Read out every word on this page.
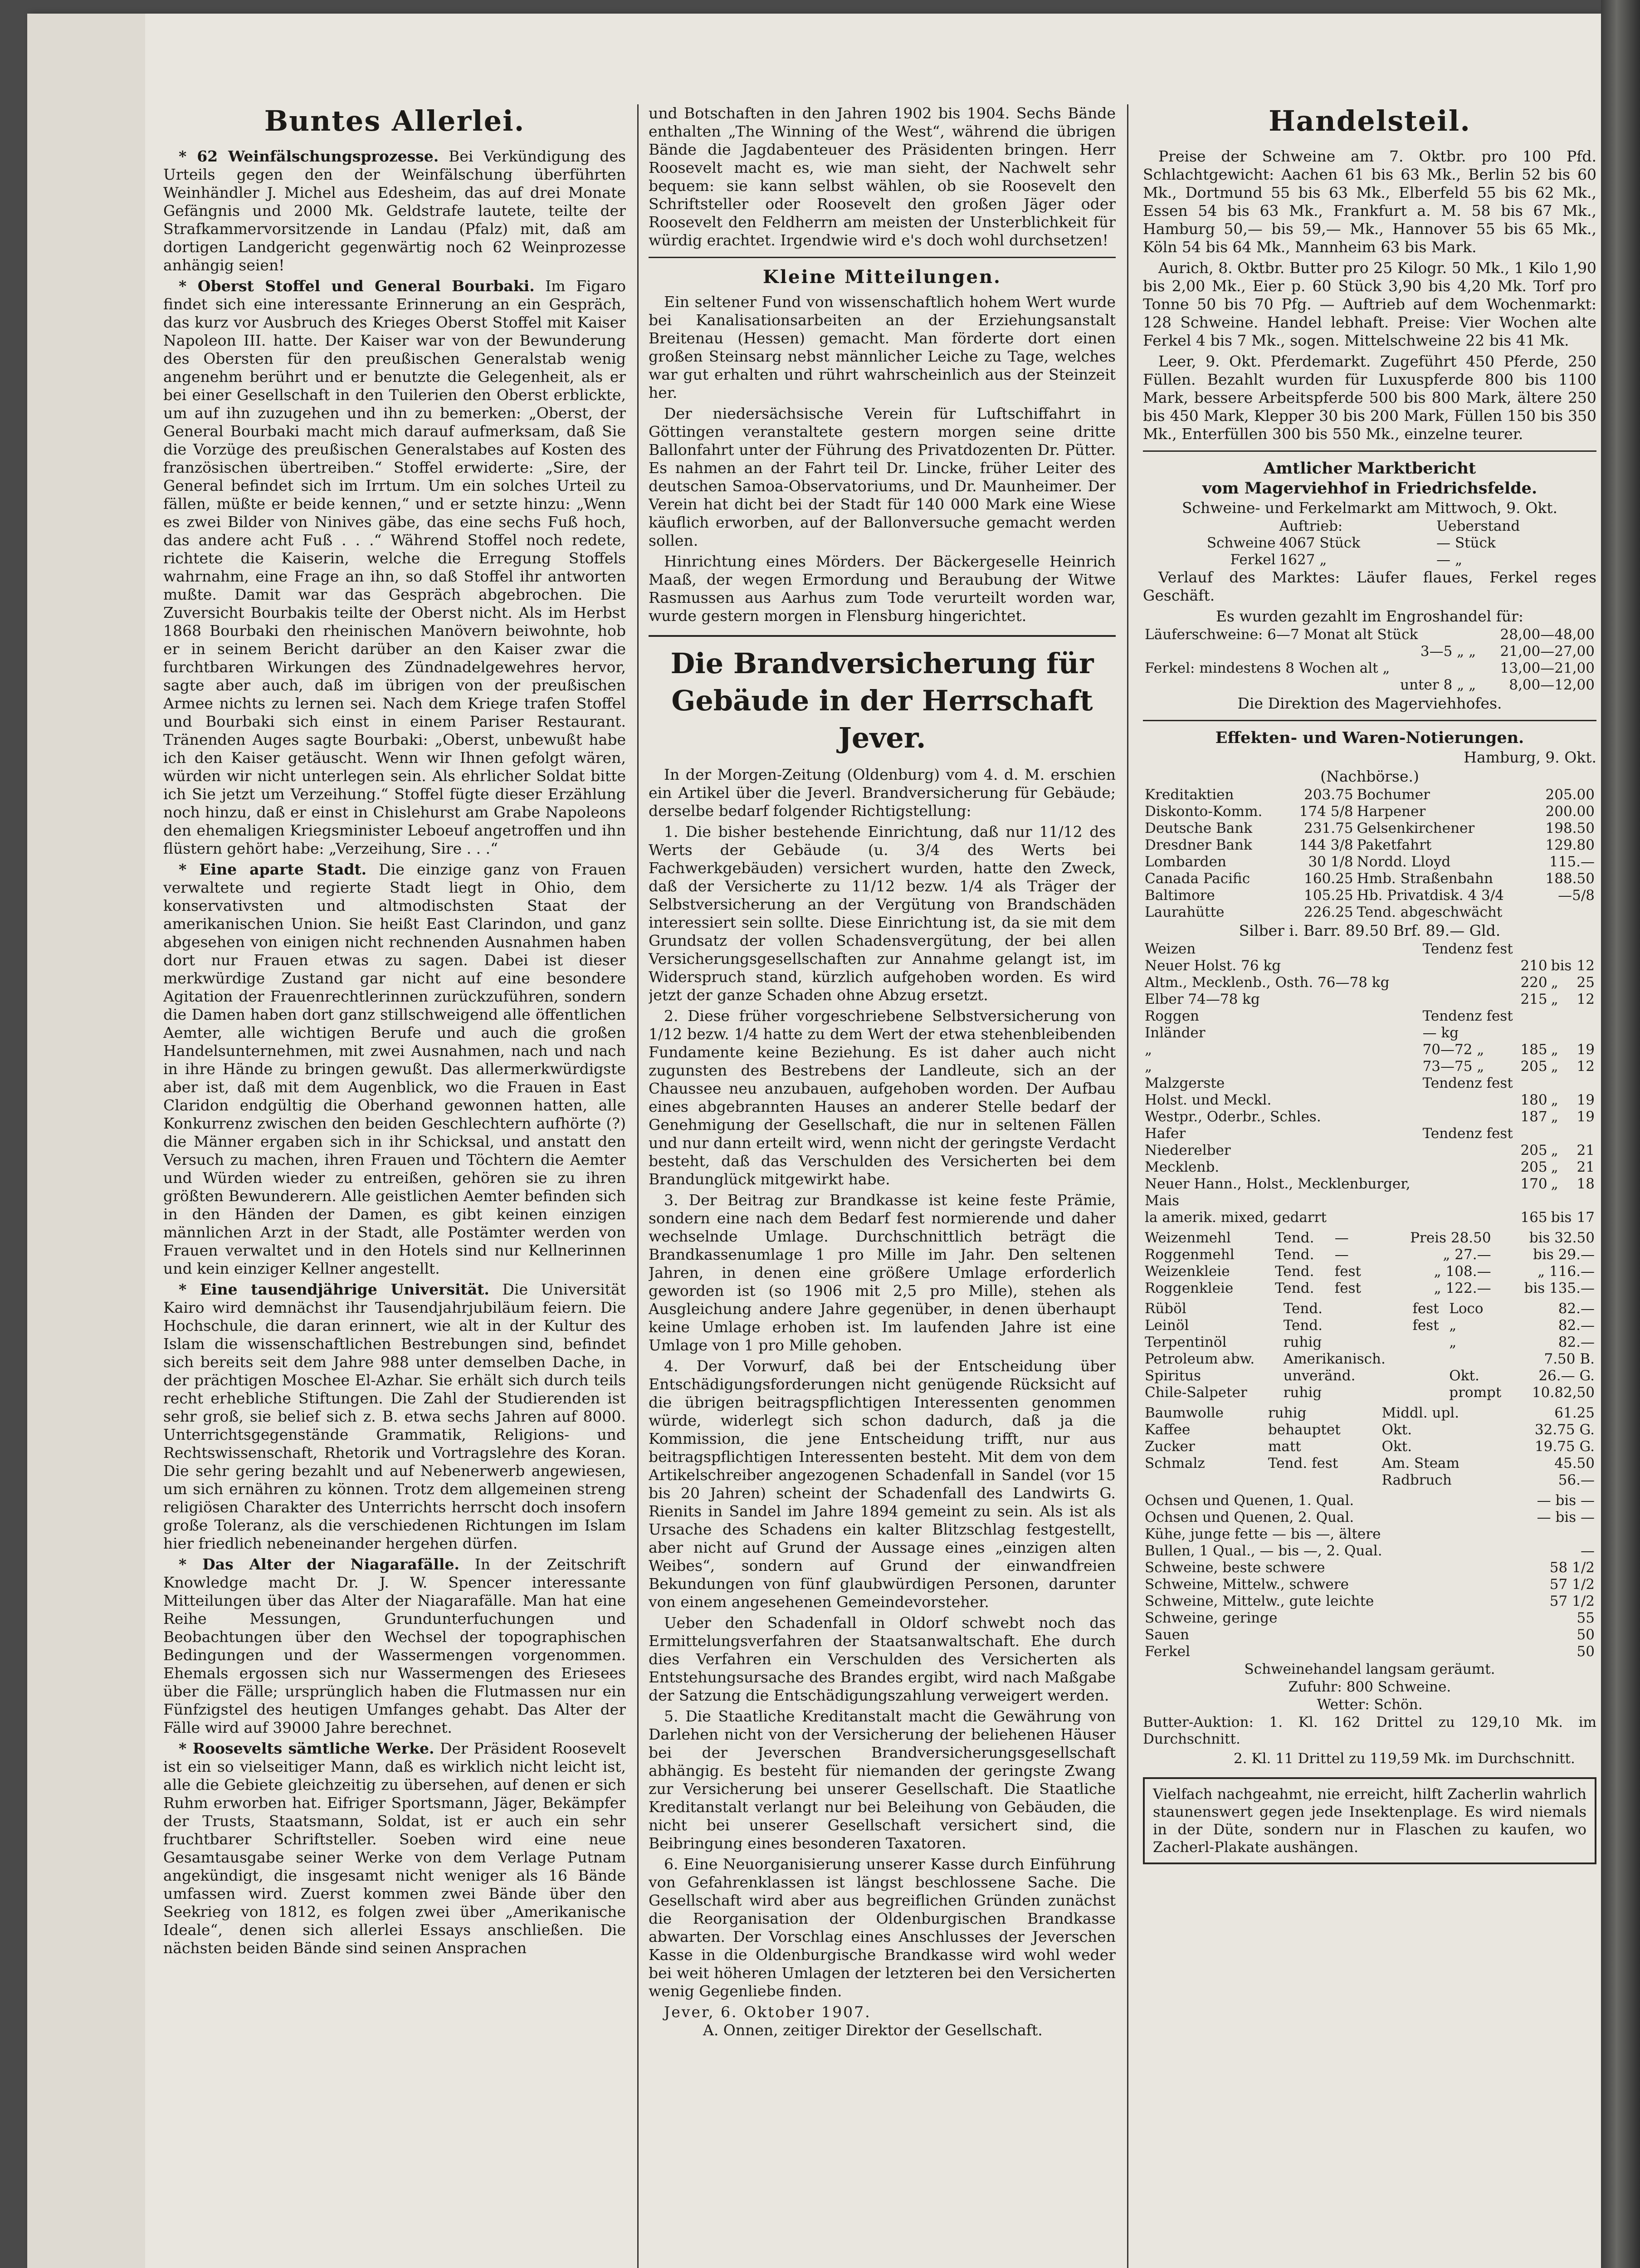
Buntes Allerlei.

* 62 Weinfälschungsprozesse. Bei Verkündigung des Urteils gegen den der Weinfälschung überführten Weinhändler J. Michel aus Edesheim, das auf drei Monate Gefängnis und 2000 Mk. Geldstrafe lautete, teilte der Strafkammervorsitzende in Landau (Pfalz) mit, daß am dortigen Landgericht gegenwärtig noch 62 Weinprozesse anhängig seien!

* Oberst Stoffel und General Bourbaki. Im Figaro findet sich eine interessante Erinnerung an ein Gespräch, das kurz vor Ausbruch des Krieges Oberst Stoffel mit Kaiser Napoleon III. hatte. Der Kaiser war von der Bewunderung des Obersten für den preußischen Generalstab wenig angenehm berührt und er benutzte die Gelegenheit, als er bei einer Gesellschaft in den Tuilerien den Oberst erblickte, um auf ihn zuzugehen und ihn zu bemerken: „Oberst, der General Bourbaki macht mich darauf aufmerksam, daß Sie die Vorzüge des preußischen Generalstabes auf Kosten des französischen übertreiben.“ Stoffel erwiderte: „Sire, der General befindet sich im Irrtum. Um ein solches Urteil zu fällen, müßte er beide kennen,“ und er setzte hinzu: „Wenn es zwei Bilder von Ninives gäbe, das eine sechs Fuß hoch, das andere acht Fuß . . .“ Während Stoffel noch redete, richtete die Kaiserin, welche die Erregung Stoffels wahrnahm, eine Frage an ihn, so daß Stoffel ihr antworten mußte. Damit war das Gespräch abgebrochen. Die Zuversicht Bourbakis teilte der Oberst nicht. Als im Herbst 1868 Bourbaki den rheinischen Manövern beiwohnte, hob er in seinem Bericht darüber an den Kaiser zwar die furchtbaren Wirkungen des Zündnadelgewehres hervor, sagte aber auch, daß im übrigen von der preußischen Armee nichts zu lernen sei. Nach dem Kriege trafen Stoffel und Bourbaki sich einst in einem Pariser Restaurant. Tränenden Auges sagte Bourbaki: „Oberst, unbewußt habe ich den Kaiser getäuscht. Wenn wir Ihnen gefolgt wären, würden wir nicht unterlegen sein. Als ehrlicher Soldat bitte ich Sie jetzt um Verzeihung.“ Stoffel fügte dieser Erzählung noch hinzu, daß er einst in Chislehurst am Grabe Napoleons den ehemaligen Kriegsminister Leboeuf angetroffen und ihn flüstern gehört habe: „Verzeihung, Sire . . .“

* Eine aparte Stadt. Die einzige ganz von Frauen verwaltete und regierte Stadt liegt in Ohio, dem konservativsten und altmodischsten Staat der amerikanischen Union. Sie heißt East Clarindon, und ganz abgesehen von einigen nicht rechnenden Ausnahmen haben dort nur Frauen etwas zu sagen. Dabei ist dieser merkwürdige Zustand gar nicht auf eine besondere Agitation der Frauenrechtlerinnen zurückzuführen, sondern die Damen haben dort ganz stillschweigend alle öffentlichen Aemter, alle wichtigen Berufe und auch die großen Handelsunternehmen, mit zwei Ausnahmen, nach und nach in ihre Hände zu bringen gewußt. Das allermerkwürdigste aber ist, daß mit dem Augenblick, wo die Frauen in East Claridon endgültig die Oberhand gewonnen hatten, alle Konkurrenz zwischen den beiden Geschlechtern aufhörte (?) die Männer ergaben sich in ihr Schicksal, und anstatt den Versuch zu machen, ihren Frauen und Töchtern die Aemter und Würden wieder zu entreißen, gehören sie zu ihren größten Bewunderern. Alle geistlichen Aemter befinden sich in den Händen der Damen, es gibt keinen einzigen männlichen Arzt in der Stadt, alle Postämter werden von Frauen verwaltet und in den Hotels sind nur Kellnerinnen und kein einziger Kellner angestellt.

* Eine tausendjährige Universität. Die Universität Kairo wird demnächst ihr Tausendjahrjubiläum feiern. Die Hochschule, die daran erinnert, wie alt in der Kultur des Islam die wissenschaftlichen Bestrebungen sind, befindet sich bereits seit dem Jahre 988 unter demselben Dache, in der prächtigen Moschee El-Azhar. Sie erhält sich durch teils recht erhebliche Stiftungen. Die Zahl der Studierenden ist sehr groß, sie belief sich z. B. etwa sechs Jahren auf 8000. Unterrichtsgegenstände Grammatik, Religions- und Rechtswissenschaft, Rhetorik und Vortragslehre des Koran. Die sehr gering bezahlt und auf Nebenerwerb angewiesen, um sich ernähren zu können. Trotz dem allgemeinen streng religiösen Charakter des Unterrichts herrscht doch insofern große Toleranz, als die verschiedenen Richtungen im Islam hier friedlich nebeneinander hergehen dürfen.

* Das Alter der Niagarafälle. In der Zeitschrift Knowledge macht Dr. J. W. Spencer interessante Mitteilungen über das Alter der Niagarafälle. Man hat eine Reihe Messungen, Grundunterfuchungen und Beobachtungen über den Wechsel der topographischen Bedingungen und der Wassermengen vorgenommen. Ehemals ergossen sich nur Wassermengen des Eriesees über die Fälle; ursprünglich haben die Flutmassen nur ein Fünfzigstel des heutigen Umfanges gehabt. Das Alter der Fälle wird auf 39000 Jahre berechnet.

* Roosevelts sämtliche Werke. Der Präsident Roosevelt ist ein so vielseitiger Mann, daß es wirklich nicht leicht ist, alle die Gebiete gleichzeitig zu übersehen, auf denen er sich Ruhm erworben hat. Eifriger Sportsmann, Jäger, Bekämpfer der Trusts, Staatsmann, Soldat, ist er auch ein sehr fruchtbarer Schriftsteller. Soeben wird eine neue Gesamtausgabe seiner Werke von dem Verlage Putnam angekündigt, die insgesamt nicht weniger als 16 Bände umfassen wird. Zuerst kommen zwei Bände über den Seekrieg von 1812, es folgen zwei über „Amerikanische Ideale“, denen sich allerlei Essays anschließen. Die nächsten beiden Bände sind seinen Ansprachen

und Botschaften in den Jahren 1902 bis 1904. Sechs Bände enthalten „The Winning of the West“, während die übrigen Bände die Jagdabenteuer des Präsidenten bringen. Herr Roosevelt macht es, wie man sieht, der Nachwelt sehr bequem: sie kann selbst wählen, ob sie Roosevelt den Schriftsteller oder Roosevelt den großen Jäger oder Roosevelt den Feldherrn am meisten der Unsterblichkeit für würdig erachtet. Irgendwie wird e's doch wohl durchsetzen!

Kleine Mitteilungen.

Ein seltener Fund von wissenschaftlich hohem Wert wurde bei Kanalisationsarbeiten an der Erziehungsanstalt Breitenau (Hessen) gemacht. Man förderte dort einen großen Steinsarg nebst männlicher Leiche zu Tage, welches war gut erhalten und rührt wahrscheinlich aus der Steinzeit her.

Der niedersächsische Verein für Luftschiffahrt in Göttingen veranstaltete gestern morgen seine dritte Ballonfahrt unter der Führung des Privatdozenten Dr. Pütter. Es nahmen an der Fahrt teil Dr. Lincke, früher Leiter des deutschen Samoa-Observatoriums, und Dr. Maunheimer. Der Verein hat dicht bei der Stadt für 140 000 Mark eine Wiese käuflich erworben, auf der Ballonversuche gemacht werden sollen.

Hinrichtung eines Mörders. Der Bäckergeselle Heinrich Maaß, der wegen Ermordung und Beraubung der Witwe Rasmussen aus Aarhus zum Tode verurteilt worden war, wurde gestern morgen in Flensburg hingerichtet.

Die Brandversicherung für Gebäude in der Herrschaft Jever.

In der Morgen-Zeitung (Oldenburg) vom 4. d. M. erschien ein Artikel über die Jeverl. Brandversicherung für Gebäude; derselbe bedarf folgender Richtigstellung:

1. Die bisher bestehende Einrichtung, daß nur 11/12 des Werts der Gebäude (u. 3/4 des Werts bei Fachwerkgebäuden) versichert wurden, hatte den Zweck, daß der Versicherte zu 11/12 bezw. 1/4 als Träger der Selbstversicherung an der Vergütung von Brandschäden interessiert sein sollte. Diese Einrichtung ist, da sie mit dem Grundsatz der vollen Schadensvergütung, der bei allen Versicherungsgesellschaften zur Annahme gelangt ist, im Widerspruch stand, kürzlich aufgehoben worden. Es wird jetzt der ganze Schaden ohne Abzug ersetzt.

2. Diese früher vorgeschriebene Selbstversicherung von 1/12 bezw. 1/4 hatte zu dem Wert der etwa stehenbleibenden Fundamente keine Beziehung. Es ist daher auch nicht zugunsten des Bestrebens der Landleute, sich an der Chaussee neu anzubauen, aufgehoben worden. Der Aufbau eines abgebrannten Hauses an anderer Stelle bedarf der Genehmigung der Gesellschaft, die nur in seltenen Fällen und nur dann erteilt wird, wenn nicht der geringste Verdacht besteht, daß das Verschulden des Versicherten bei dem Brandunglück mitgewirkt habe.

3. Der Beitrag zur Brandkasse ist keine feste Prämie, sondern eine nach dem Bedarf fest normierende und daher wechselnde Umlage. Durchschnittlich beträgt die Brandkassenumlage 1 pro Mille im Jahr. Den seltenen Jahren, in denen eine größere Umlage erforderlich geworden ist (so 1906 mit 2,5 pro Mille), stehen als Ausgleichung andere Jahre gegenüber, in denen überhaupt keine Umlage erhoben ist. Im laufenden Jahre ist eine Umlage von 1 pro Mille gehoben.

4. Der Vorwurf, daß bei der Entscheidung über Entschädigungsforderungen nicht genügende Rücksicht auf die übrigen beitragspflichtigen Interessenten genommen würde, widerlegt sich schon dadurch, daß ja die Kommission, die jene Entscheidung trifft, nur aus beitragspflichtigen Interessenten besteht. Mit dem von dem Artikelschreiber angezogenen Schadenfall in Sandel (vor 15 bis 20 Jahren) scheint der Schadenfall des Landwirts G. Rienits in Sandel im Jahre 1894 gemeint zu sein. Als ist als Ursache des Schadens ein kalter Blitzschlag festgestellt, aber nicht auf Grund der Aussage eines „einzigen alten Weibes“, sondern auf Grund der einwandfreien Bekundungen von fünf glaubwürdigen Personen, darunter von einem angesehenen Gemeindevorsteher.

Ueber den Schadenfall in Oldorf schwebt noch das Ermittelungsverfahren der Staatsanwaltschaft. Ehe durch dies Verfahren ein Verschulden des Versicherten als Entstehungsursache des Brandes ergibt, wird nach Maßgabe der Satzung die Entschädigungszahlung verweigert werden.

5. Die Staatliche Kreditanstalt macht die Gewährung von Darlehen nicht von der Versicherung der beliehenen Häuser bei der Jeverschen Brandversicherungsgesellschaft abhängig. Es besteht für niemanden der geringste Zwang zur Versicherung bei unserer Gesellschaft. Die Staatliche Kreditanstalt verlangt nur bei Beleihung von Gebäuden, die nicht bei unserer Gesellschaft versichert sind, die Beibringung eines besonderen Taxatoren.

6. Eine Neuorganisierung unserer Kasse durch Einführung von Gefahrenklassen ist längst beschlossene Sache. Die Gesellschaft wird aber aus begreiflichen Gründen zunächst die Reorganisation der Oldenburgischen Brandkasse abwarten. Der Vorschlag eines Anschlusses der Jeverschen Kasse in die Oldenburgische Brandkasse wird wohl weder bei weit höheren Umlagen der letzteren bei den Versicherten wenig Gegenliebe finden.

Jever, 6. Oktober 1907.
A. Onnen, zeitiger Direktor der Gesellschaft.
Handelsteil.

Preise der Schweine am 7. Oktbr. pro 100 Pfd. Schlachtgewicht: Aachen 61 bis 63 Mk., Berlin 52 bis 60 Mk., Dortmund 55 bis 63 Mk., Elberfeld 55 bis 62 Mk., Essen 54 bis 63 Mk., Frankfurt a. M. 58 bis 67 Mk., Hamburg 50,— bis 59,— Mk., Hannover 55 bis 65 Mk., Köln 54 bis 64 Mk., Mannheim 63 bis Mark.

Aurich, 8. Oktbr. Butter pro 25 Kilogr. 50 Mk., 1 Kilo 1,90 bis 2,00 Mk., Eier p. 60 Stück 3,90 bis 4,20 Mk. Torf pro Tonne 50 bis 70 Pfg. — Auftrieb auf dem Wochenmarkt: 128 Schweine. Handel lebhaft. Preise: Vier Wochen alte Ferkel 4 bis 7 Mk., sogen. Mittelschweine 22 bis 41 Mk.

Leer, 9. Okt. Pferdemarkt. Zugeführt 450 Pferde, 250 Füllen. Bezahlt wurden für Luxuspferde 800 bis 1100 Mark, bessere Arbeitspferde 500 bis 800 Mark, ältere 250 bis 450 Mark, Klepper 30 bis 200 Mark, Füllen 150 bis 350 Mk., Enterfüllen 300 bis 550 Mk., einzelne teurer.

Amtlicher Marktbericht
vom Magerviehhof in Friedrichsfelde.
Schweine- und Ferkelmarkt am Mittwoch, 9. Okt.
	Auftrieb:	Ueberstand
Schweine	4067 Stück	— Stück
Ferkel	1627 „	— „

Verlauf des Marktes: Läufer flaues, Ferkel reges Geschäft.

Es wurden gezahlt im Engroshandel für:
Läuferschweine: 6—7 Monat alt Stück	28,00—48,00
3—5 „ „	21,00—27,00
Ferkel: mindestens 8 Wochen alt „	13,00—21,00
unter 8 „ „	8,00—12,00
Die Direktion des Magerviehhofes.
Effekten- und Waren-Notierungen.
Hamburg, 9. Okt.
(Nachbörse.)
Kreditaktien	203.75	Bochumer	205.00
Diskonto-Komm.	174 5/8	Harpener	200.00
Deutsche Bank	231.75	Gelsenkirchener	198.50
Dresdner Bank	144 3/8	Paketfahrt	129.80
Lombarden	30 1/8	Nordd. Lloyd	115.—
Canada Pacific	160.25	Hmb. Straßenbahn	188.50
Baltimore	105.25	Hb. Privatdisk. 4 3/4	—5/8
Laurahütte	226.25	Tend. abgeschwächt	
Silber i. Barr. 89.50 Brf. 89.— Gld.
Weizen	Tendenz fest			
Neuer Holst. 76 kg		210	bis	12
Altm., Mecklenb., Osth. 76—78 kg		220	„	25
Elber 74—78 kg		215	„	12
Roggen	Tendenz fest			
Inländer	— kg			
„	70—72 „	185	„	19
„	73—75 „	205	„	12
Malzgerste	Tendenz fest			
Holst. und Meckl.		180	„	19
Westpr., Oderbr., Schles.		187	„	19
Hafer	Tendenz fest			
Niederelber		205	„	21
Mecklenb.		205	„	21
Neuer Hann., Holst., Mecklenburger,		170	„	18
Mais				
la amerik. mixed, gedarrt		165	bis	17
Weizenmehl	Tend.	—	Preis 28.50	bis 32.50
Roggenmehl	Tend.	—	„ 27.—	bis 29.—
Weizenkleie	Tend.	fest	„ 108.—	„ 116.—
Roggenkleie	Tend.	fest	„ 122.—	bis 135.—
Rüböl	Tend.	fest	Loco	82.—
Leinöl	Tend.	fest	„	82.—
Terpentinöl	ruhig		„	82.—
Petroleum abw.	Amerikanisch.			7.50 B.
Spiritus	unveränd.		Okt.	26.— G.
Chile-Salpeter	ruhig		prompt	10.82,50
Baumwolle	ruhig	Middl. upl.	61.25
Kaffee	behauptet	Okt.	32.75 G.
Zucker	matt	Okt.	19.75 G.
Schmalz	Tend. fest	Am. Steam	45.50
		Radbruch	56.—
Ochsen und Quenen, 1. Qual.	— bis —
Ochsen und Quenen, 2. Qual.	— bis —
Kühe, junge fette — bis —, ältere	
Bullen, 1 Qual., — bis —, 2. Qual.	—
Schweine, beste schwere	58 1/2
Schweine, Mittelw., schwere	57 1/2
Schweine, Mittelw., gute leichte	57 1/2
Schweine, geringe	55
Sauen	50
Ferkel	50
Schweinehandel langsam geräumt.
Zufuhr: 800 Schweine.
Wetter: Schön.

Butter-Auktion: 1. Kl. 162 Drittel zu 129,10 Mk. im Durchschnitt.

2. Kl. 11 Drittel zu 119,59 Mk. im Durchschnitt.

Vielfach nachgeahmt, nie erreicht, hilft Zacherlin wahrlich staunenswert gegen jede Insektenplage. Es wird niemals in der Düte, sondern nur in Flaschen zu kaufen, wo Zacherl-Plakate aushängen.
